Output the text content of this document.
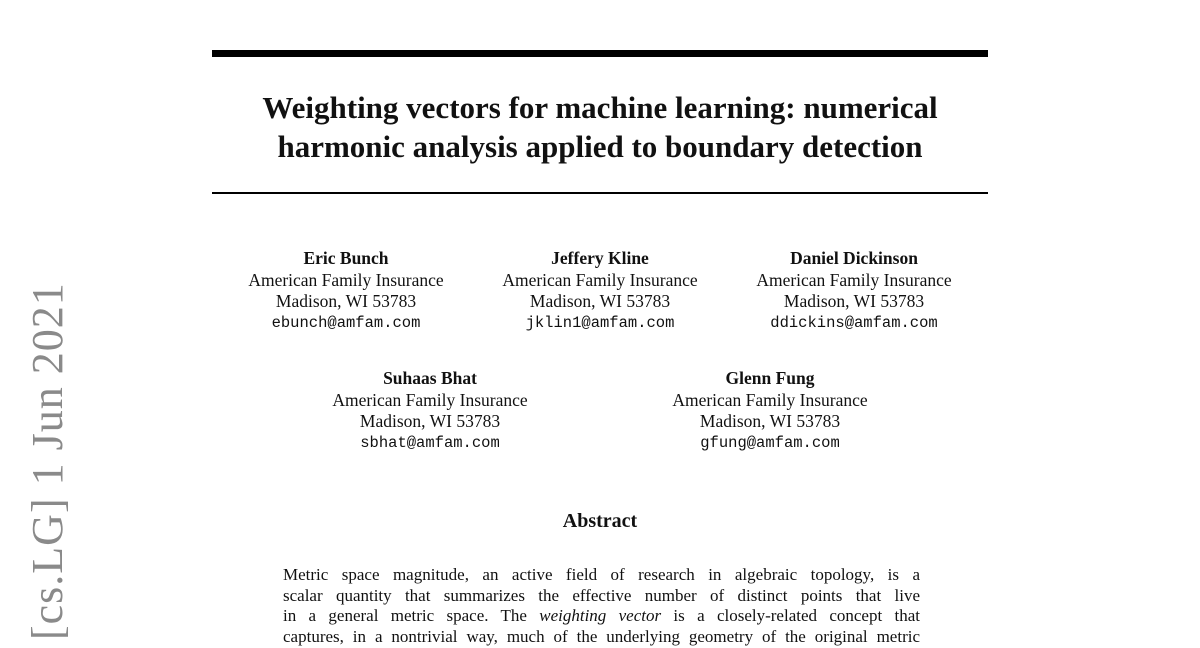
[cs.LG] 1 Jun 2021
Weighting vectors for machine learning: numerical
harmonic analysis applied to boundary detection
Eric Bunch
American Family Insurance
Madison, WI 53783
ebunch@amfam.com
Jeffery Kline
American Family Insurance
Madison, WI 53783
jklin1@amfam.com
Daniel Dickinson
American Family Insurance
Madison, WI 53783
ddickins@amfam.com
Suhaas Bhat
American Family Insurance
Madison, WI 53783
sbhat@amfam.com
Glenn Fung
American Family Insurance
Madison, WI 53783
gfung@amfam.com
Abstract

Metric space magnitude, an active field of research in algebraic topology, is a
scalar quantity that summarizes the effective number of distinct points that live
in a general metric space. The weighting vector is a closely-related concept that
captures, in a nontrivial way, much of the underlying geometry of the original metric
